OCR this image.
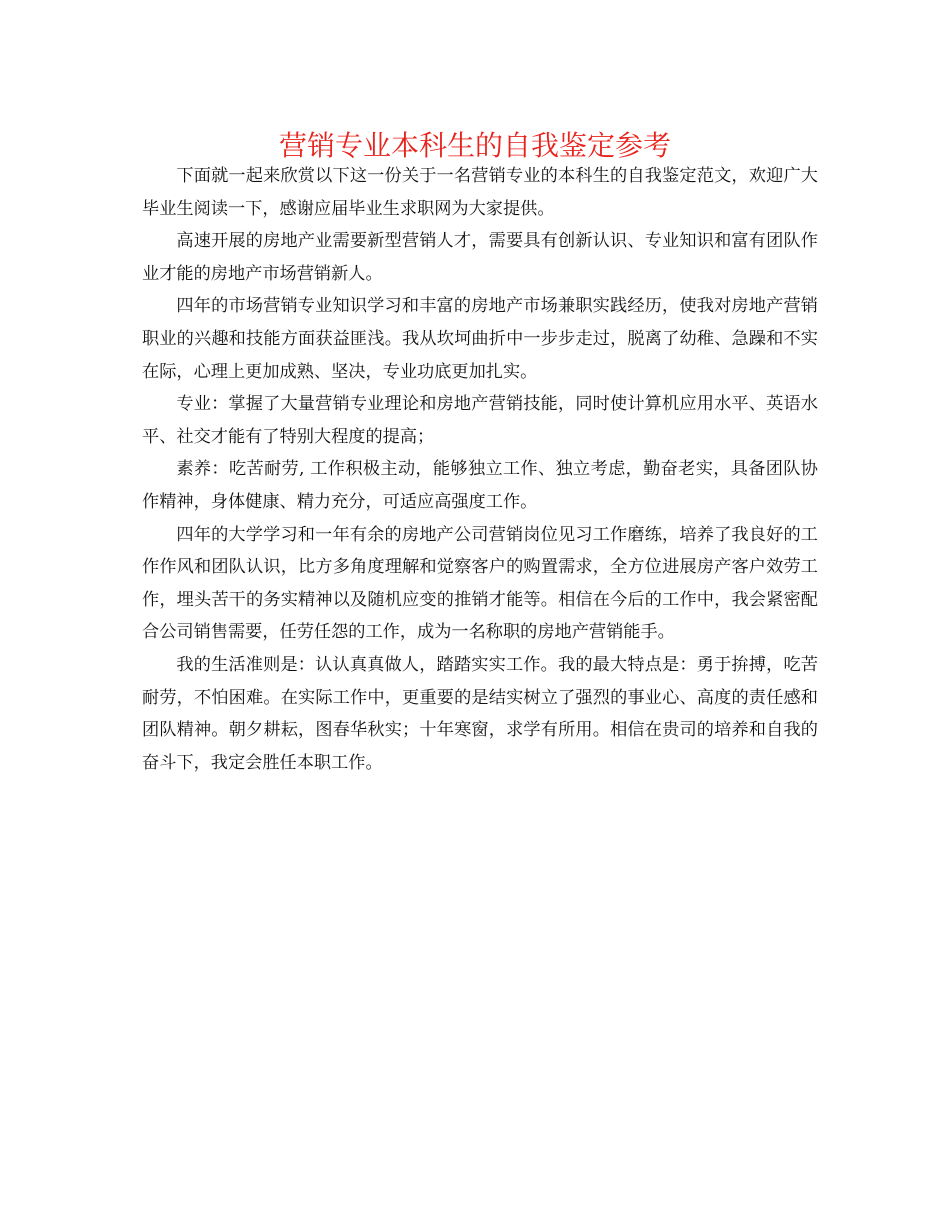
营销专业本科生的自我鉴定参考

下面就一起来欣赏以下这一份关于一名营销专业的本科生的自我鉴定范文，欢迎广大毕业生阅读一下，感谢应届毕业生求职网为大家提供。

高速开展的房地产业需要新型营销人才，需要具有创新认识、专业知识和富有团队作业才能的房地产市场营销新人。

四年的市场营销专业知识学习和丰富的房地产市场兼职实践经历，使我对房地产营销职业的兴趣和技能方面获益匪浅。我从坎坷曲折中一步步走过，脱离了幼稚、急躁和不实在际，心理上更加成熟、坚决，专业功底更加扎实。

专业：掌握了大量营销专业理论和房地产营销技能，同时使计算机应用水平、英语水平、社交才能有了特别大程度的提高；

素养：吃苦耐劳, 工作积极主动，能够独立工作、独立考虑，勤奋老实，具备团队协作精神，身体健康、精力充分，可适应高强度工作。

四年的大学学习和一年有余的房地产公司营销岗位见习工作磨练，培养了我良好的工作作风和团队认识，比方多角度理解和觉察客户的购置需求，全方位进展房产客户效劳工作，埋头苦干的务实精神以及随机应变的推销才能等。相信在今后的工作中，我会紧密配合公司销售需要，任劳任怨的工作，成为一名称职的房地产营销能手。

我的生活准则是：认认真真做人，踏踏实实工作。我的最大特点是：勇于拚搏，吃苦耐劳，不怕困难。在实际工作中，更重要的是结实树立了强烈的事业心、高度的责任感和团队精神。朝夕耕耘，图春华秋实；十年寒窗，求学有所用。相信在贵司的培养和自我的奋斗下，我定会胜任本职工作。
